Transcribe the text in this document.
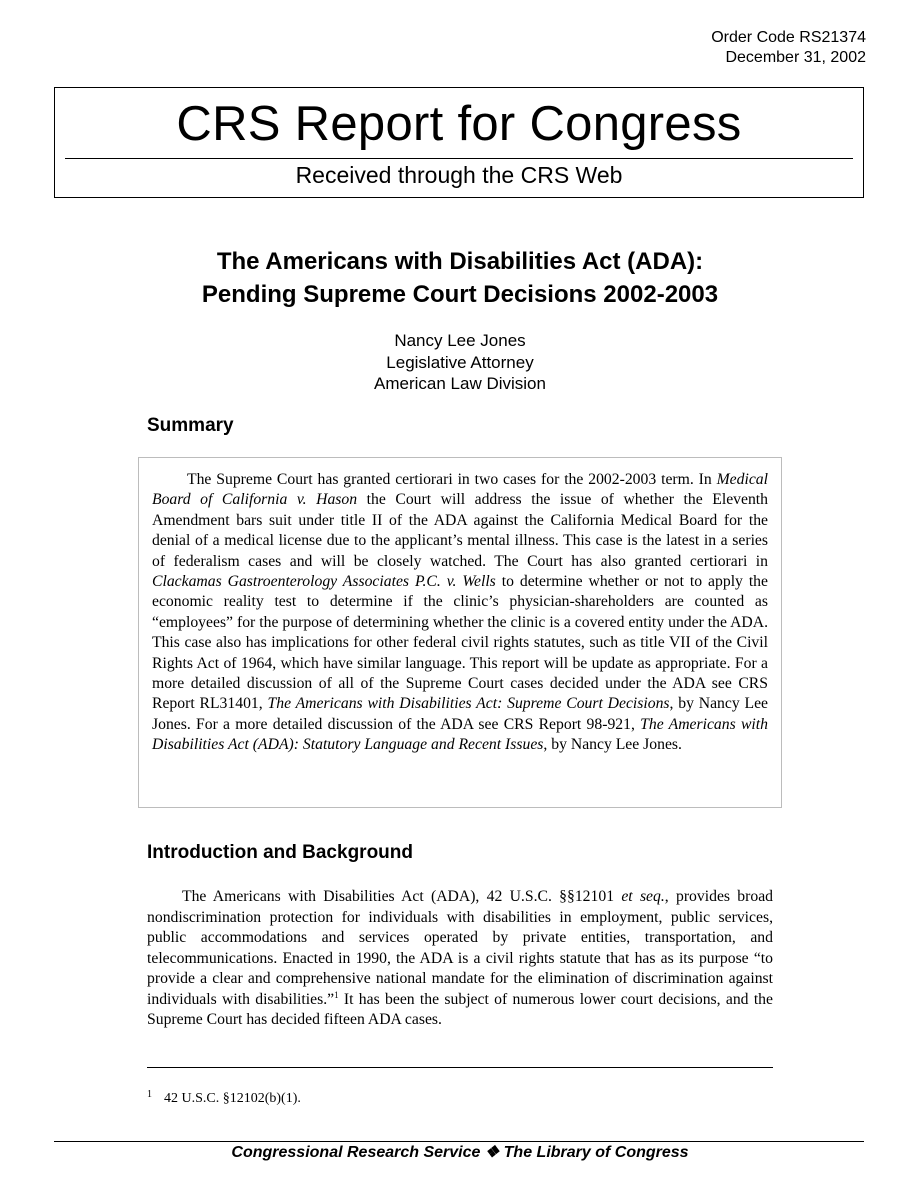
Order Code RS21374
December 31, 2002
CRS Report for Congress
Received through the CRS Web
The Americans with Disabilities Act (ADA):
Pending Supreme Court Decisions 2002-2003
Nancy Lee Jones
Legislative Attorney
American Law Division
Summary

The Supreme Court has granted certiorari in two cases for the 2002-2003 term. In Medical Board of California v. Hason the Court will address the issue of whether the Eleventh Amendment bars suit under title II of the ADA against the California Medical Board for the denial of a medical license due to the applicant’s mental illness. This case is the latest in a series of federalism cases and will be closely watched. The Court has also granted certiorari in Clackamas Gastroenterology Associates P.C. v. Wells to determine whether or not to apply the economic reality test to determine if the clinic’s physician-shareholders are counted as “employees” for the purpose of determining whether the clinic is a covered entity under the ADA. This case also has implications for other federal civil rights statutes, such as title VII of the Civil Rights Act of 1964, which have similar language. This report will be update as appropriate. For a more detailed discussion of all of the Supreme Court cases decided under the ADA see CRS Report RL31401, The Americans with Disabilities Act: Supreme Court Decisions, by Nancy Lee Jones. For a more detailed discussion of the ADA see CRS Report 98-921, The Americans with Disabilities Act (ADA): Statutory Language and Recent Issues, by Nancy Lee Jones.

Introduction and Background

The Americans with Disabilities Act (ADA), 42 U.S.C. §§12101 et seq., provides broad nondiscrimination protection for individuals with disabilities in employment, public services, public accommodations and services operated by private entities, transportation, and telecommunications. Enacted in 1990, the ADA is a civil rights statute that has as its purpose “to provide a clear and comprehensive national mandate for the elimination of discrimination against individuals with disabilities.”$^1$ It has been the subject of numerous lower court decisions, and the Supreme Court has decided fifteen ADA cases.

$^1$ 42 U.S.C. §12102(b)(1).
Congressional Research Service ❖ The Library of Congress
